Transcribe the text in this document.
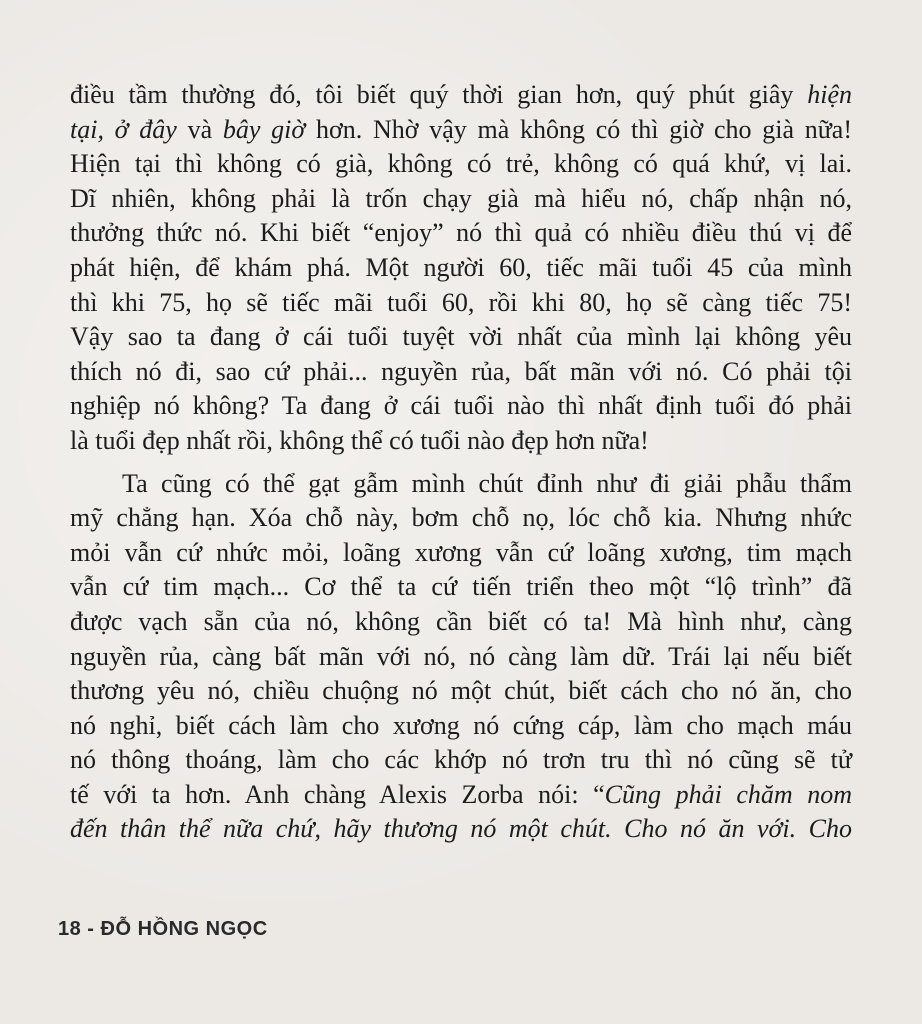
điều tầm thường đó, tôi biết quý thời gian hơn, quý phút giây hiện
tại, ở đây và bây giờ hơn. Nhờ vậy mà không có thì giờ cho già nữa!
Hiện tại thì không có già, không có trẻ, không có quá khứ, vị lai.
Dĩ nhiên, không phải là trốn chạy già mà hiểu nó, chấp nhận nó,
thưởng thức nó. Khi biết “enjoy” nó thì quả có nhiều điều thú vị để
phát hiện, để khám phá. Một người 60, tiếc mãi tuổi 45 của mình
thì khi 75, họ sẽ tiếc mãi tuổi 60, rồi khi 80, họ sẽ càng tiếc 75!
Vậy sao ta đang ở cái tuổi tuyệt vời nhất của mình lại không yêu
thích nó đi, sao cứ phải... nguyền rủa, bất mãn với nó. Có phải tội
nghiệp nó không? Ta đang ở cái tuổi nào thì nhất định tuổi đó phải
là tuổi đẹp nhất rồi, không thể có tuổi nào đẹp hơn nữa!
Ta cũng có thể gạt gẫm mình chút đỉnh như đi giải phẫu thẩm
mỹ chẳng hạn. Xóa chỗ này, bơm chỗ nọ, lóc chỗ kia. Nhưng nhức
mỏi vẫn cứ nhức mỏi, loãng xương vẫn cứ loãng xương, tim mạch
vẫn cứ tim mạch... Cơ thể ta cứ tiến triển theo một “lộ trình” đã
được vạch sẵn của nó, không cần biết có ta! Mà hình như, càng
nguyền rủa, càng bất mãn với nó, nó càng làm dữ. Trái lại nếu biết
thương yêu nó, chiều chuộng nó một chút, biết cách cho nó ăn, cho
nó nghỉ, biết cách làm cho xương nó cứng cáp, làm cho mạch máu
nó thông thoáng, làm cho các khớp nó trơn tru thì nó cũng sẽ tử
tế với ta hơn. Anh chàng Alexis Zorba nói: “Cũng phải chăm nom
đến thân thể nữa chứ, hãy thương nó một chút. Cho nó ăn với. Cho
18 - ĐỖ HỒNG NGỌC
